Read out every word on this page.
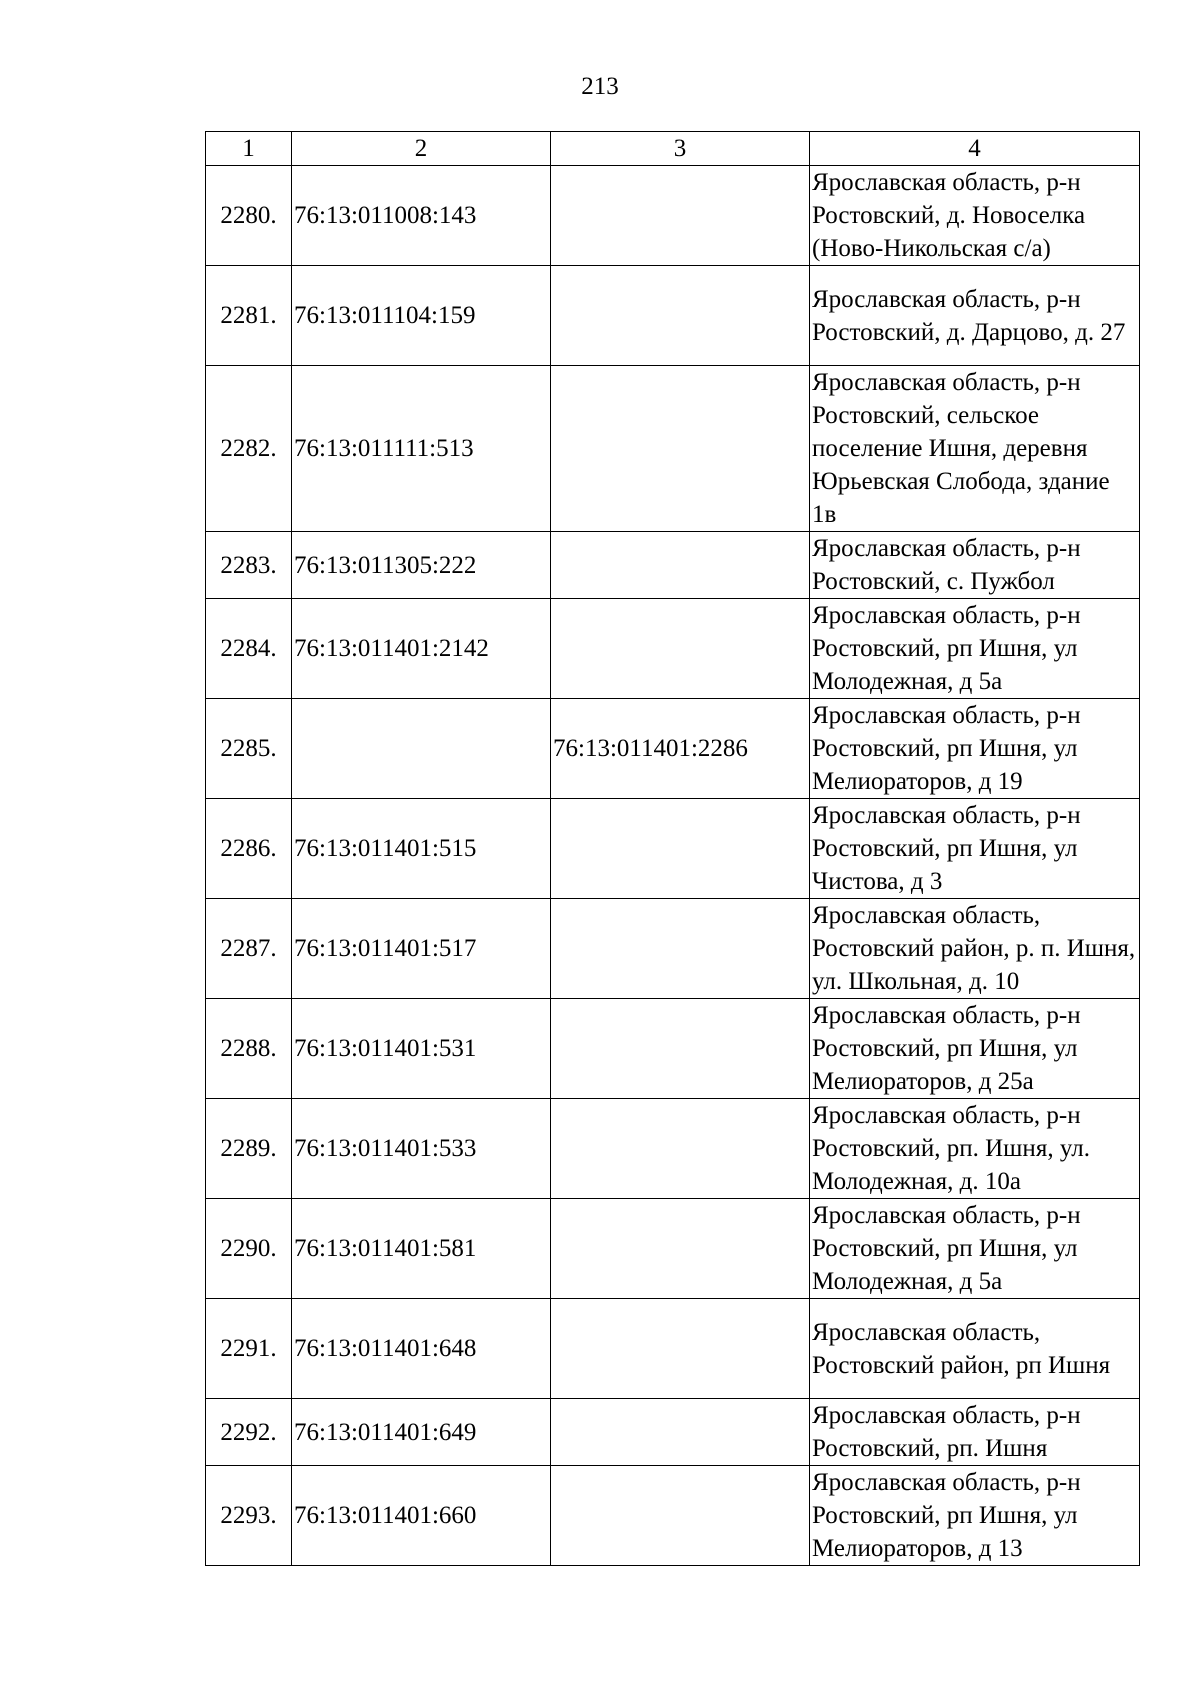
213
1	2	3	4
2280.	76:13:011008:143		Ярославская область, р-н Ростовский, д. Новоселка (Ново-Никольская с/а)
2281.	76:13:011104:159		Ярославская область, р-н Ростовский, д. Дарцово, д. 27
2282.	76:13:011111:513		Ярославская область, р-н Ростовский, сельское поселение Ишня, деревня Юрьевская Слобода, здание 1в
2283.	76:13:011305:222		Ярославская область, р-н Ростовский, с. Пужбол
2284.	76:13:011401:2142		Ярославская область, р-н Ростовский, рп Ишня, ул Молодежная, д 5а
2285.		76:13:011401:2286	Ярославская область, р-н Ростовский, рп Ишня, ул Мелиораторов, д 19
2286.	76:13:011401:515		Ярославская область, р-н Ростовский, рп Ишня, ул Чистова, д 3
2287.	76:13:011401:517		Ярославская область, Ростовский район, р. п. Ишня, ул. Школьная, д. 10
2288.	76:13:011401:531		Ярославская область, р-н Ростовский, рп Ишня, ул Мелиораторов, д 25а
2289.	76:13:011401:533		Ярославская область, р-н Ростовский, рп. Ишня, ул. Молодежная, д. 10а
2290.	76:13:011401:581		Ярославская область, р-н Ростовский, рп Ишня, ул Молодежная, д 5а
2291.	76:13:011401:648		Ярославская область, Ростовский район, рп Ишня
2292.	76:13:011401:649		Ярославская область, р-н Ростовский, рп. Ишня
2293.	76:13:011401:660		Ярославская область, р-н Ростовский, рп Ишня, ул Мелиораторов, д 13
